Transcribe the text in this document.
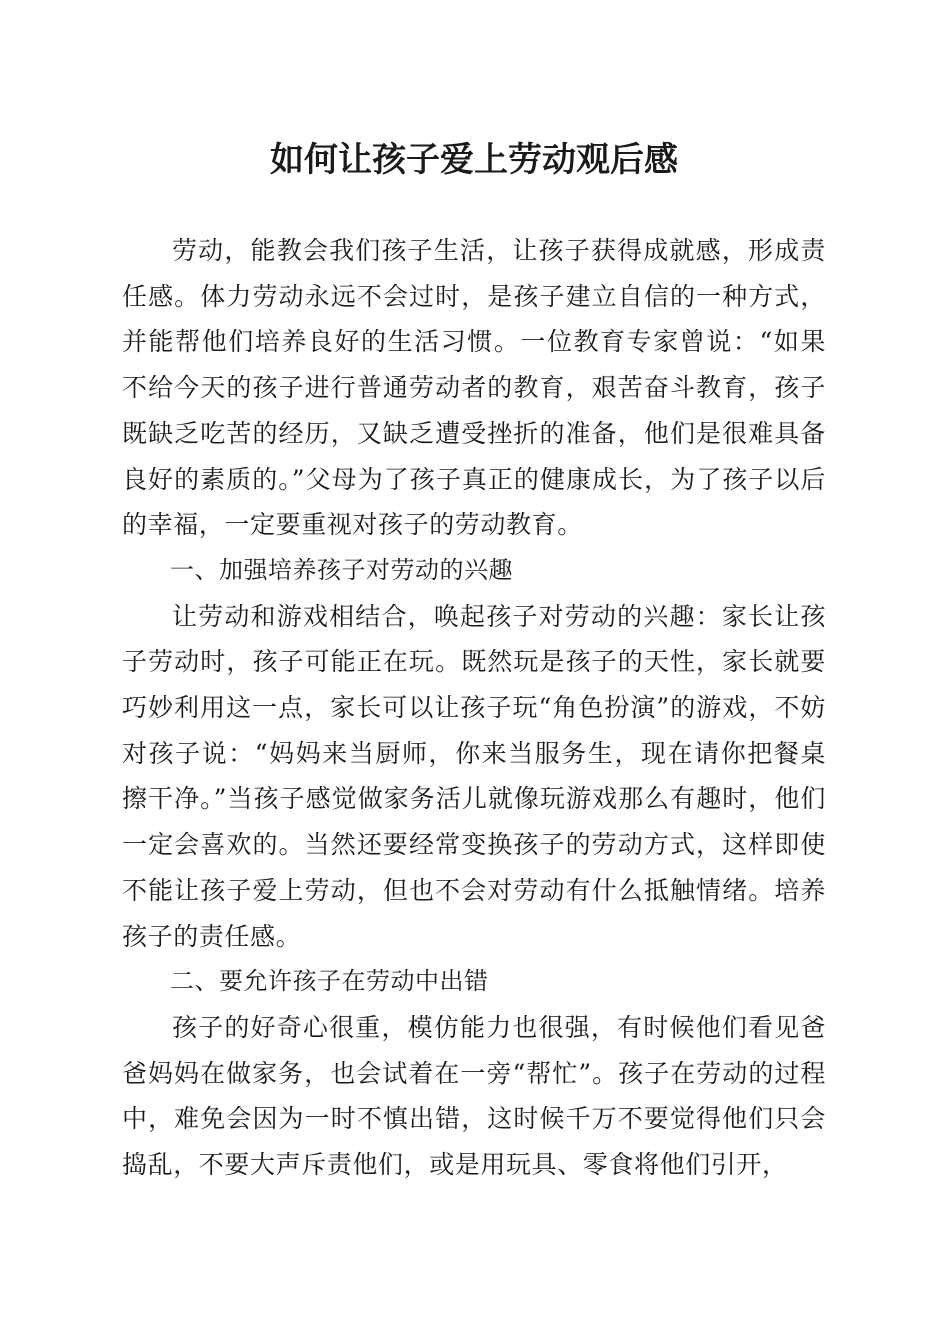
如何让孩子爱上劳动观后感

劳动，能教会我们孩子生活，让孩子获得成就感，形成责任感。体力劳动永远不会过时，是孩子建立自信的一种方式，并能帮他们培养良好的生活习惯。一位教育专家曾说：“如果不给今天的孩子进行普通劳动者的教育，艰苦奋斗教育，孩子既缺乏吃苦的经历，又缺乏遭受挫折的准备，他们是很难具备良好的素质的。”父母为了孩子真正的健康成长，为了孩子以后的幸福，一定要重视对孩子的劳动教育。

一、加强培养孩子对劳动的兴趣

让劳动和游戏相结合，唤起孩子对劳动的兴趣：家长让孩子劳动时，孩子可能正在玩。既然玩是孩子的天性，家长就要巧妙利用这一点，家长可以让孩子玩“角色扮演”的游戏，不妨对孩子说：“妈妈来当厨师，你来当服务生，现在请你把餐桌擦干净。”当孩子感觉做家务活儿就像玩游戏那么有趣时，他们一定会喜欢的。当然还要经常变换孩子的劳动方式，这样即使不能让孩子爱上劳动，但也不会对劳动有什么抵触情绪。培养孩子的责任感。

二、要允许孩子在劳动中出错

孩子的好奇心很重，模仿能力也很强，有时候他们看见爸爸妈妈在做家务，也会试着在一旁“帮忙”。孩子在劳动的过程中，难免会因为一时不慎出错，这时候千万不要觉得他们只会捣乱，不要大声斥责他们，或是用玩具、零食将他们引开，
